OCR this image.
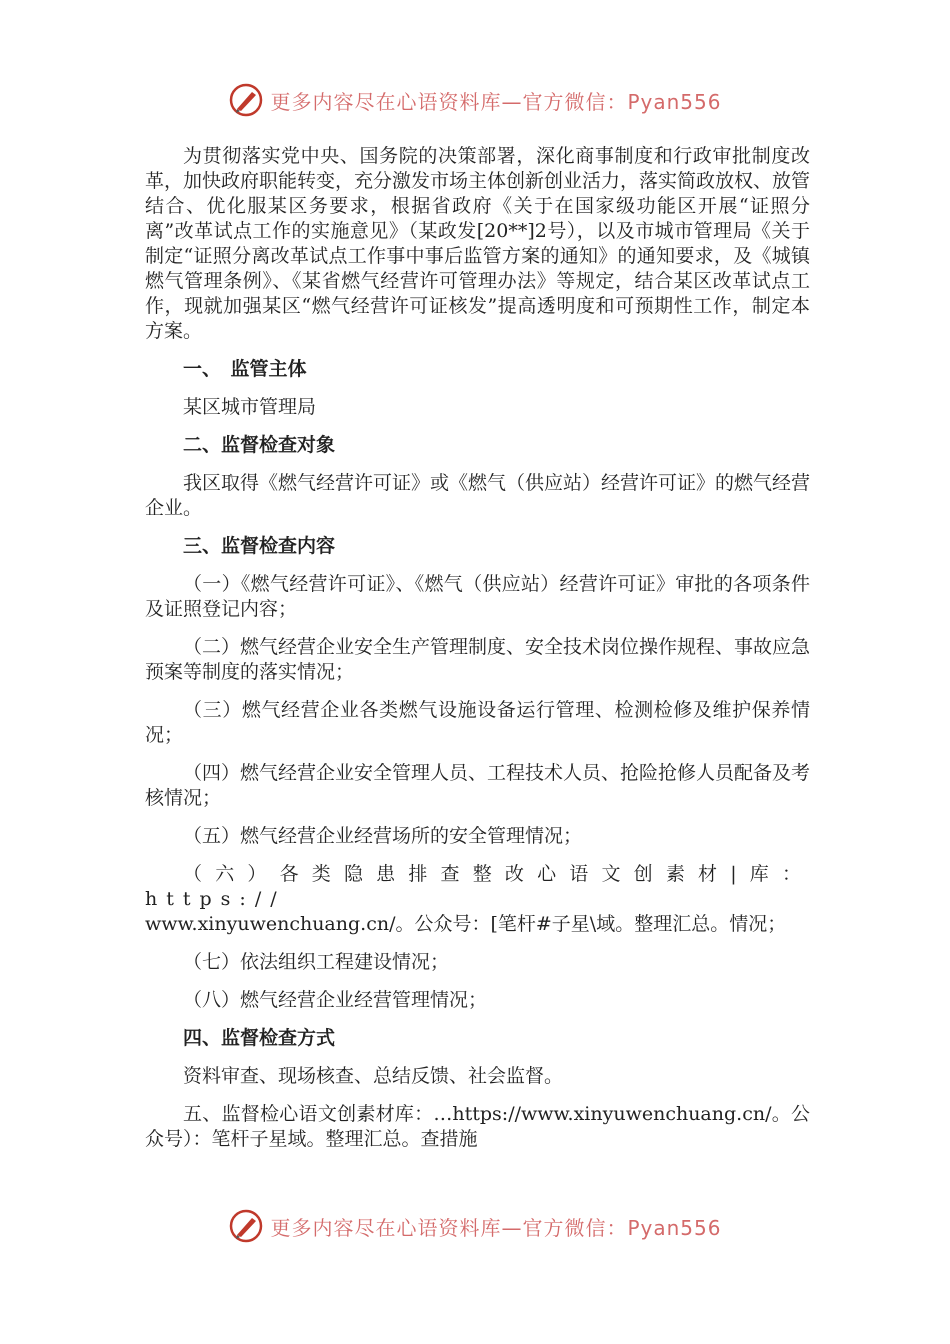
更多内容尽在心语资料库—官方微信：Pyan556

为贯彻落实党中央、国务院的决策部署，深化商事制度和行政审批制度改革，加快政府职能转变，充分激发市场主体创新创业活力，落实简政放权、放管结合、优化服某区务要求，根据省政府《关于在国家级功能区开展“证照分离”改革试点工作的实施意见》（某政发[20**]2号），以及市城市管理局《关于制定“证照分离改革试点工作事中事后监管方案的通知》的通知要求，及《城镇燃气管理条例》、《某省燃气经营许可管理办法》等规定，结合某区改革试点工作，现就加强某区“燃气经营许可证核发”提高透明度和可预期性工作，制定本方案。

一、　监管主体

某区城市管理局

二、监督检查对象

我区取得《燃气经营许可证》或《燃气（供应站）经营许可证》的燃气经营企业。

三、监督检查内容

（一）《燃气经营许可证》、《燃气（供应站）经营许可证》审批的各项条件及证照登记内容；

（二）燃气经营企业安全生产管理制度、安全技术岗位操作规程、事故应急预案等制度的落实情况；

（三）燃气经营企业各类燃气设施设备运行管理、检测检修及维护保养情况；

（四）燃气经营企业安全管理人员、工程技术人员、抢险抢修人员配备及考核情况；

（五）燃气经营企业经营场所的安全管理情况；

（六）各类隐患排查整改心语文创素材|库：https://
www.xinyuwenchuang.cn/。公众号：[笔杆#子星\域。整理汇总。情况；

（七）依法组织工程建设情况；

（八）燃气经营企业经营管理情况；

四、监督检查方式

资料审查、现场核查、总结反馈、社会监督。

五、监督检心语文创素材库：…https://www.xinyuwenchuang.cn/。公众号）：笔杆子星域。整理汇总。查措施

更多内容尽在心语资料库—官方微信：Pyan556
